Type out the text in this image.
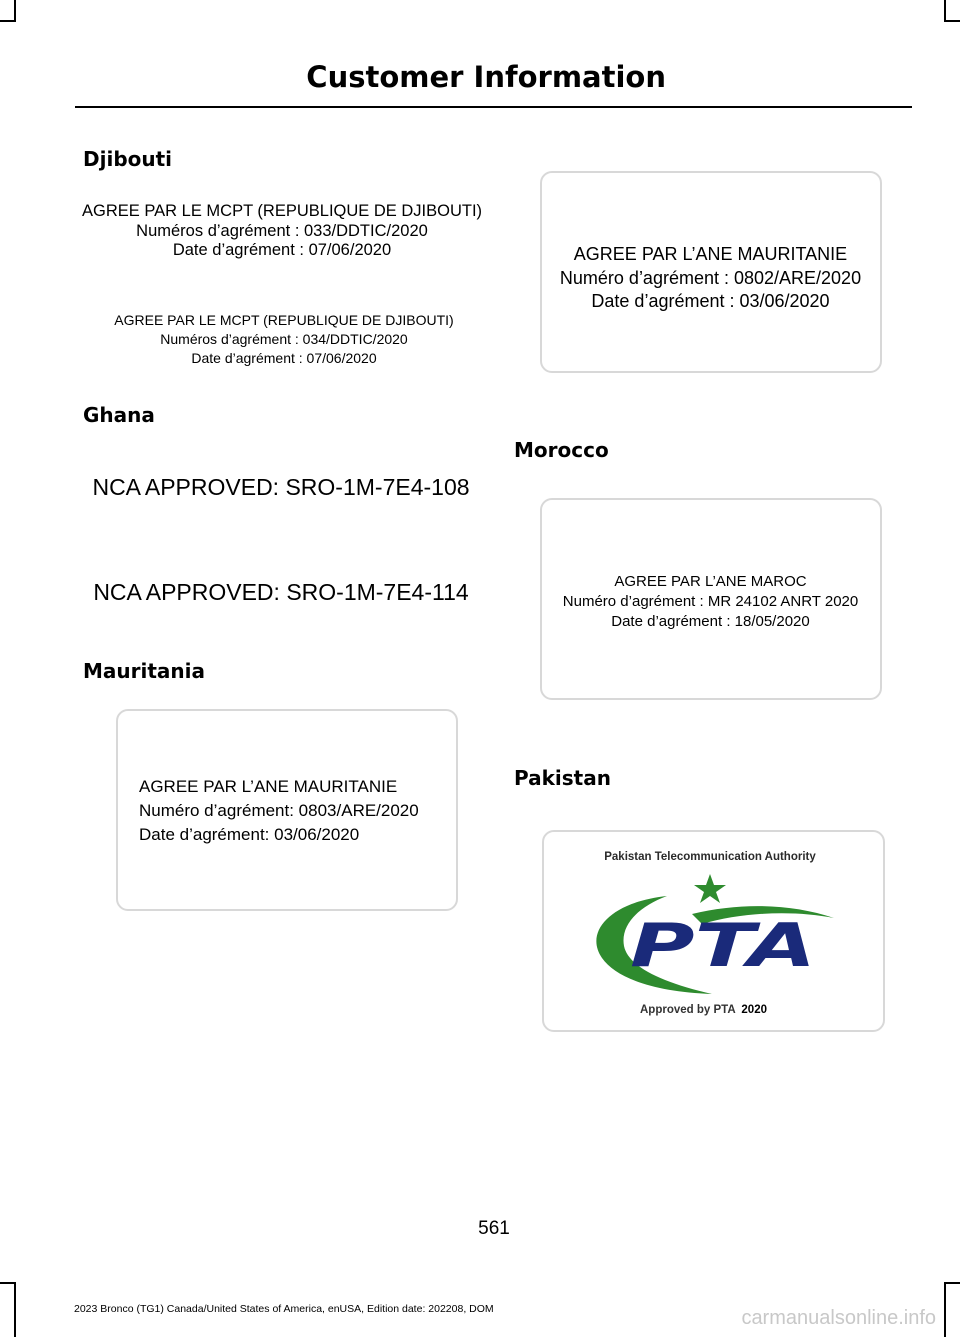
Customer Information
Djibouti
AGREE PAR LE MCPT (REPUBLIQUE DE DJIBOUTI)
Numéros d’agrément : 033/DDTIC/2020
Date d’agrément : 07/06/2020
AGREE PAR LE MCPT (REPUBLIQUE DE DJIBOUTI)
Numéros d’agrément : 034/DDTIC/2020
Date d’agrément : 07/06/2020
Ghana
NCA APPROVED: SRO-1M-7E4-108
NCA APPROVED: SRO-1M-7E4-114
Mauritania
AGREE PAR L’ANE MAURITANIE
Numéro d’agrément: 0803/ARE/2020
Date d’agrément: 03/06/2020
AGREE PAR L’ANE MAURITANIE
Numéro d’agrément : 0802/ARE/2020
Date d’agrément : 03/06/2020
Morocco
AGREE PAR L’ANE MAROC
Numéro d’agrément : MR 24102 ANRT 2020
Date d’agrément : 18/05/2020
Pakistan
Pakistan Telecommunication Authority
PTA
Approved by PTA 2020
561
2023 Bronco (TG1) Canada/United States of America, enUSA, Edition date: 202208, DOM	carmanualsonline.info
